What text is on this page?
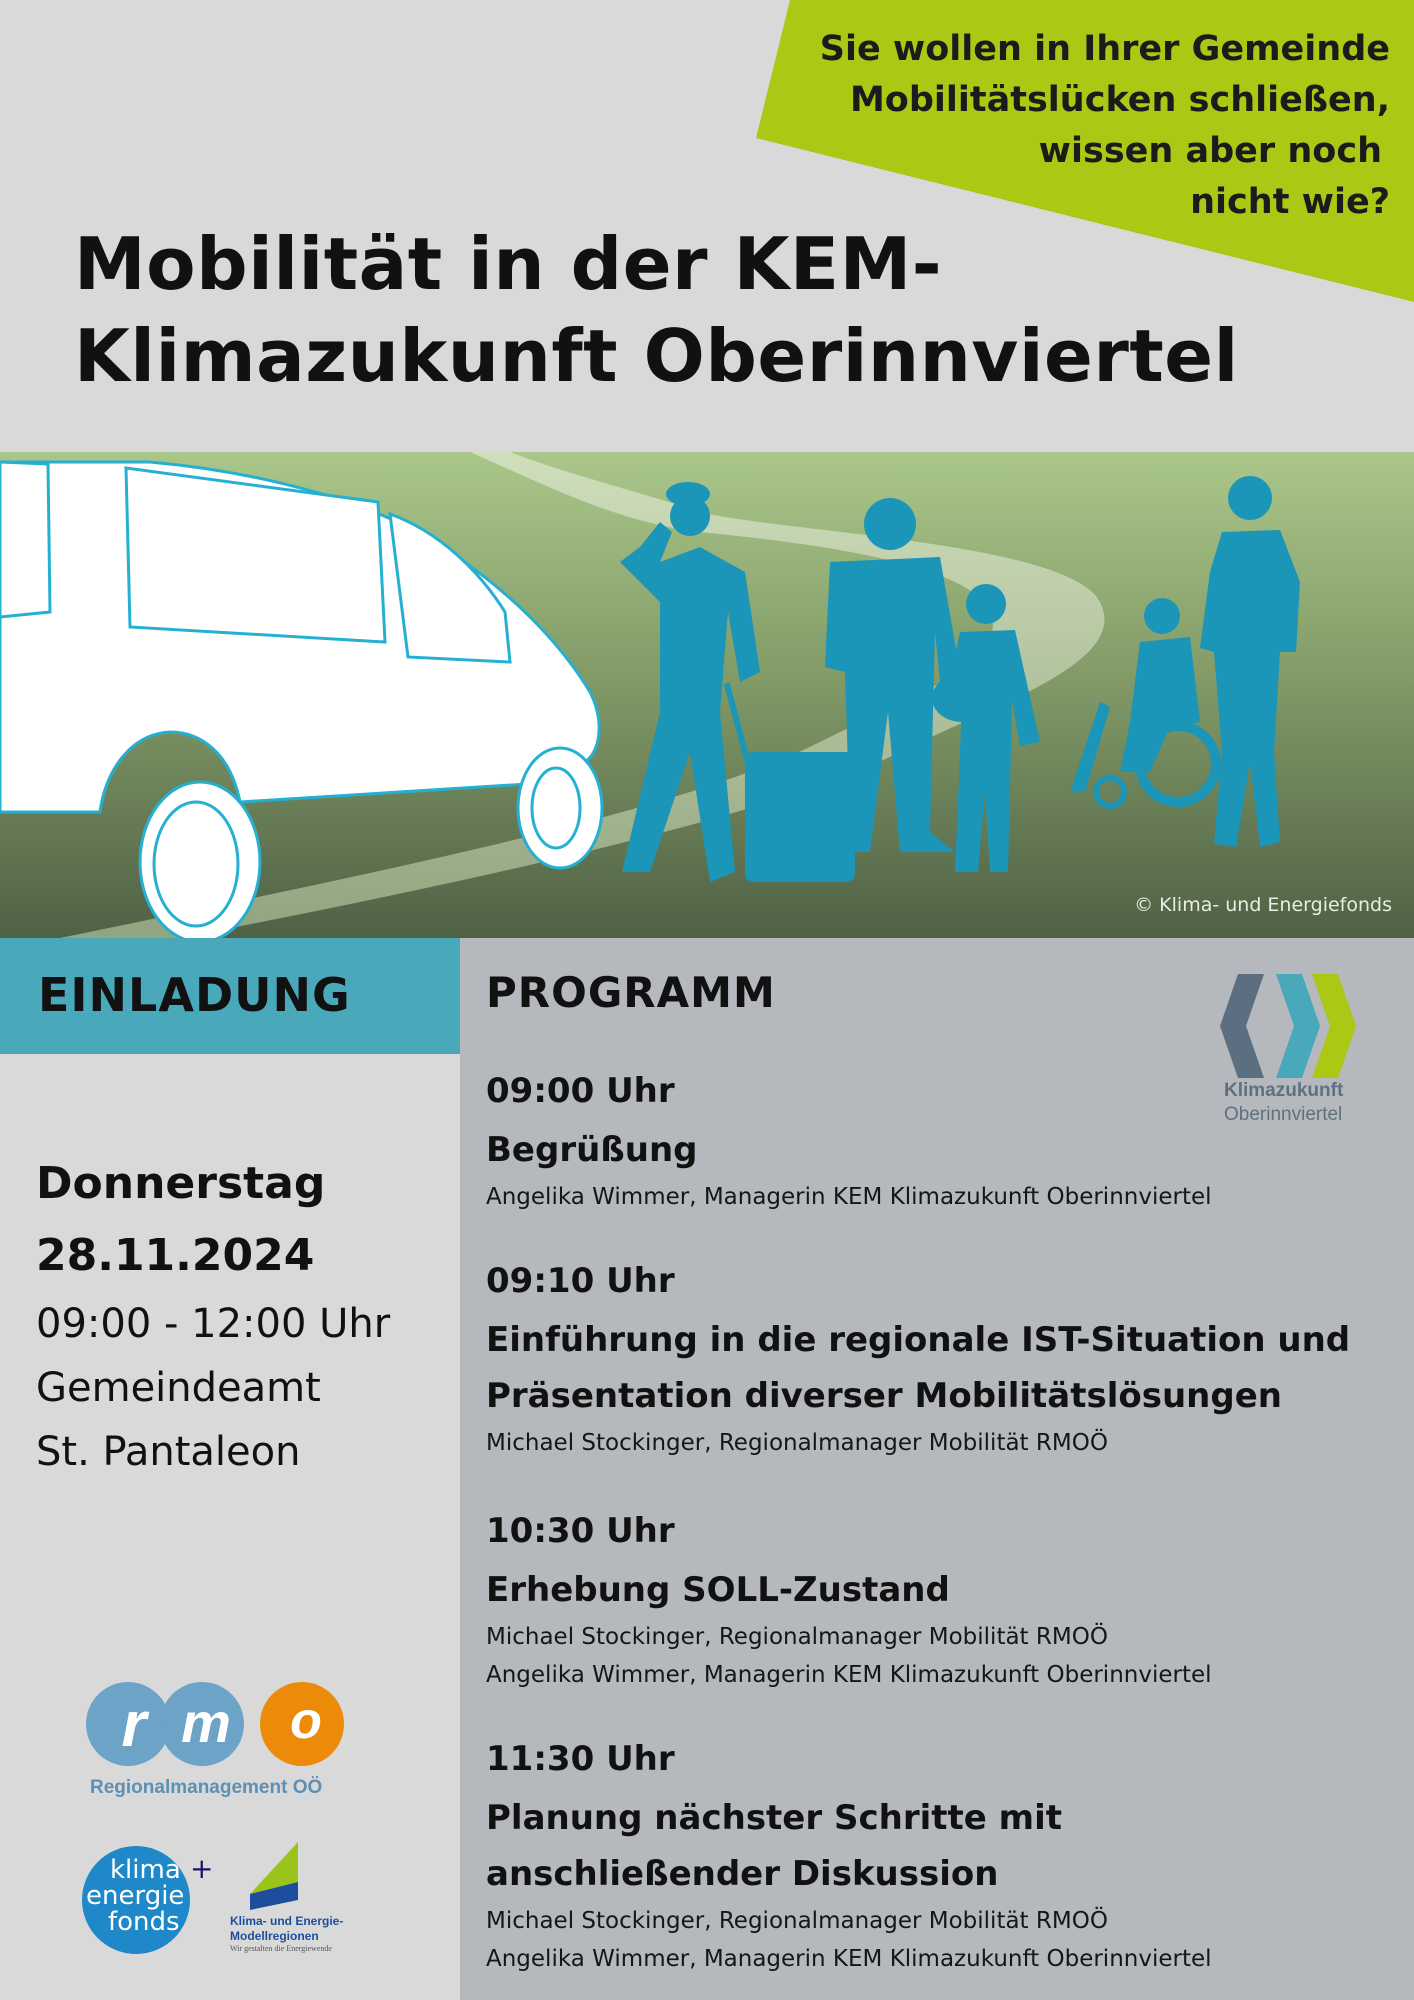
Sie wollen in Ihrer Gemeinde
Mobilitätslücken schließen,
wissen aber noch
nicht wie?
Mobilität in der KEM-
Klimazukunft Oberinnviertel
© Klima- und Energiefonds
EINLADUNG
Donnerstag
28.11.2024
09:00 - 12:00 Uhr
Gemeindeamt
St. Pantaleon
r m o
Regionalmanagement OÖ
klima
energie
fonds
+
Klima- und Energie-
Modellregionen
Wir gestalten die Energiewende
PROGRAMM
Klimazukunft
Oberinnviertel
09:00 Uhr
Begrüßung
Angelika Wimmer, Managerin KEM Klimazukunft Oberinnviertel
09:10 Uhr
Einführung in die regionale IST-Situation und
Präsentation diverser Mobilitätslösungen
Michael Stockinger, Regionalmanager Mobilität RMOÖ
10:30 Uhr
Erhebung SOLL-Zustand
Michael Stockinger, Regionalmanager Mobilität RMOÖ
Angelika Wimmer, Managerin KEM Klimazukunft Oberinnviertel
11:30 Uhr
Planung nächster Schritte mit
anschließender Diskussion
Michael Stockinger, Regionalmanager Mobilität RMOÖ
Angelika Wimmer, Managerin KEM Klimazukunft Oberinnviertel
